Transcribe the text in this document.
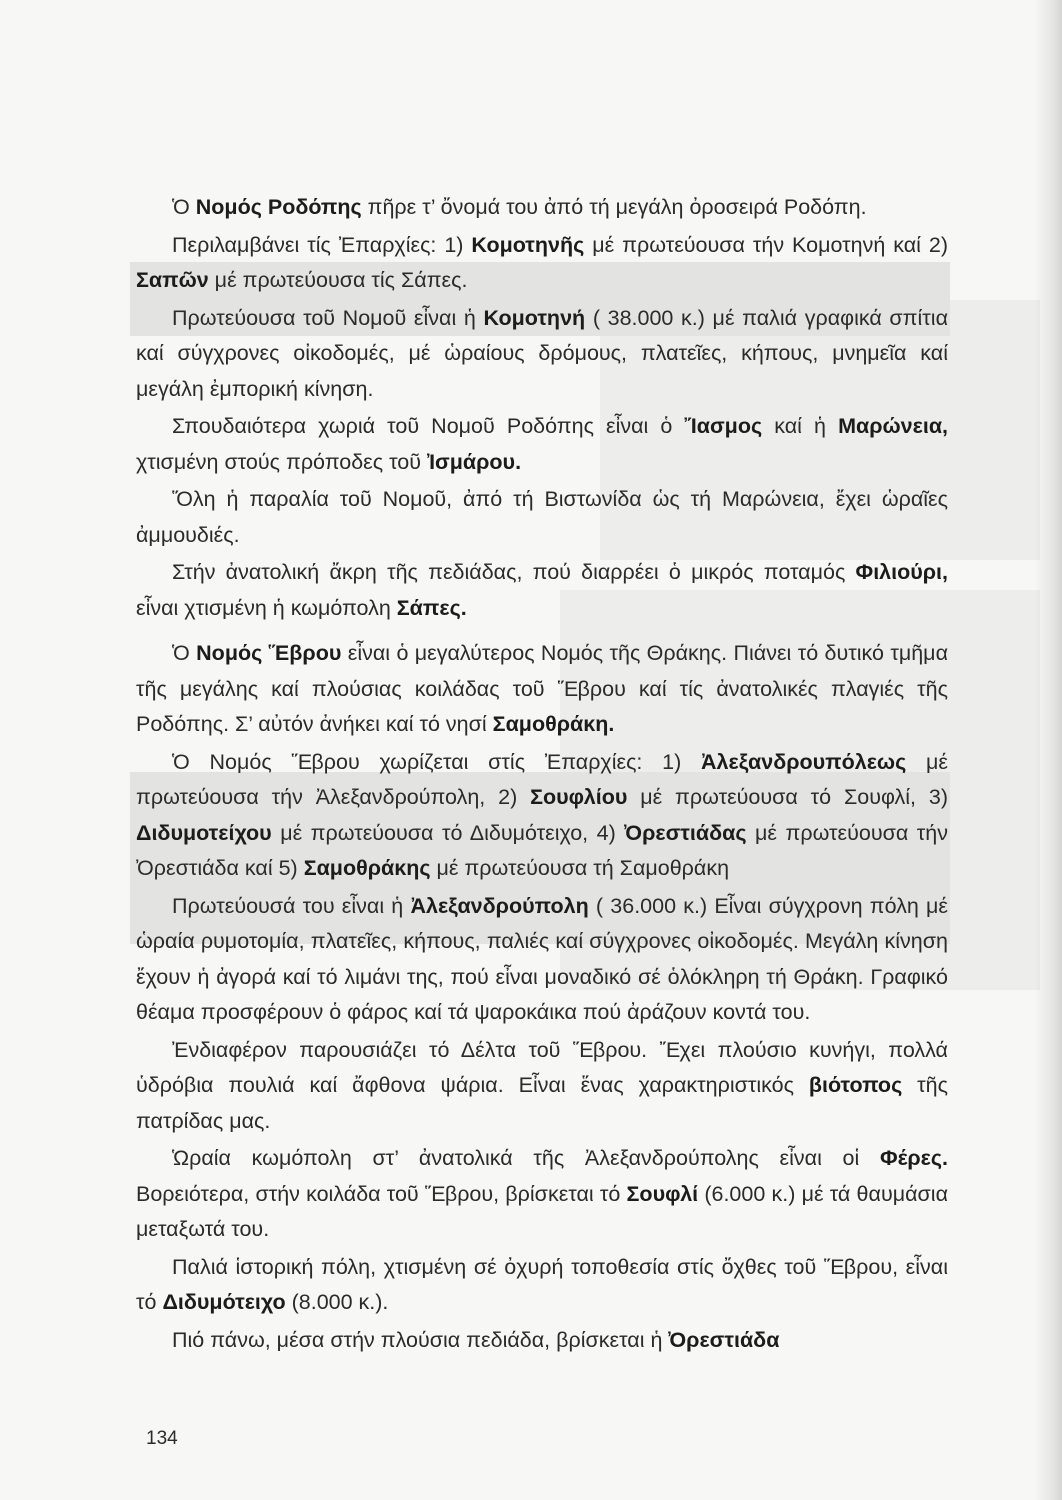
Ὁ Νομός Ροδόπης πῆρε τ’ ὄνομά του ἀπό τή μεγάλη ὀροσειρά Ροδόπη.

Περιλαμβάνει τίς Ἐπαρχίες: 1) Κομοτηνῆς μέ πρωτεύουσα τήν Κομοτηνή καί 2) Σαπῶν μέ πρωτεύουσα τίς Σάπες.

Πρωτεύουσα τοῦ Νομοῦ εἶναι ἡ Κομοτηνή ( 38.000 κ.) μέ παλιά γραφικά σπίτια καί σύγχρονες οἰκοδομές, μέ ὡραίους δρόμους, πλατεῖες, κήπους, μνημεῖα καί μεγάλη ἐμπορική κίνηση.

Σπουδαιότερα χωριά τοῦ Νομοῦ Ροδόπης εἶναι ὁ Ἴασμος καί ἡ Μαρώνεια, χτισμένη στούς πρόποδες τοῦ Ἰσμάρου.

Ὅλη ἡ παραλία τοῦ Νομοῦ, ἀπό τή Βιστωνίδα ὡς τή Μαρώνεια, ἔχει ὡραῖες ἀμμουδιές.

Στήν ἀνατολική ἄκρη τῆς πεδιάδας, πού διαρρέει ὁ μικρός ποταμός Φιλιούρι, εἶναι χτισμένη ἡ κωμόπολη Σάπες.

Ὁ Νομός Ἕβρου εἶναι ὁ μεγαλύτερος Νομός τῆς Θράκης. Πιάνει τό δυτικό τμῆμα τῆς μεγάλης καί πλούσιας κοιλάδας τοῦ Ἕβρου καί τίς ἀνατολικές πλαγιές τῆς Ροδόπης. Σ’ αὐτόν ἀνήκει καί τό νησί Σαμοθράκη.

Ὁ Νομός Ἕβρου χωρίζεται στίς Ἐπαρχίες: 1) Ἀλεξανδρουπόλεως μέ πρωτεύουσα τήν Ἀλεξανδρούπολη, 2) Σουφλίου μέ πρωτεύουσα τό Σουφλί, 3) Διδυμοτείχου μέ πρωτεύουσα τό Διδυμότειχο, 4) Ὀρεστιάδας μέ πρωτεύουσα τήν Ὀρεστιάδα καί 5) Σαμοθράκης μέ πρωτεύουσα τή Σαμοθράκη

Πρωτεύουσά του εἶναι ἡ Ἀλεξανδρούπολη ( 36.000 κ.) Εἶναι σύγχρονη πόλη μέ ὡραία ρυμοτομία, πλατεῖες, κήπους, παλιές καί σύγχρονες οἰκοδομές. Μεγάλη κίνηση ἔχουν ἡ ἀγορά καί τό λιμάνι της, πού εἶναι μοναδικό σέ ὁλόκληρη τή Θράκη. Γραφικό θέαμα προσφέρουν ὁ φάρος καί τά ψαροκάικα πού ἀράζουν κοντά του.

Ἐνδιαφέρον παρουσιάζει τό Δέλτα τοῦ Ἕβρου. Ἔχει πλούσιο κυνήγι, πολλά ὑδρόβια πουλιά καί ἄφθονα ψάρια. Εἶναι ἕνας χαρακτηριστικός βιότοπος τῆς πατρίδας μας.

Ὡραία κωμόπολη στ’ ἀνατολικά τῆς Ἀλεξανδρούπολης εἶναι οἱ Φέρες. Βορειότερα, στήν κοιλάδα τοῦ Ἕβρου, βρίσκεται τό Σουφλί (6.000 κ.) μέ τά θαυμάσια μεταξωτά του.

Παλιά ἱστορική πόλη, χτισμένη σέ ὀχυρή τοποθεσία στίς ὄχθες τοῦ Ἕβρου, εἶναι τό Διδυμότειχο (8.000 κ.).

Πιό πάνω, μέσα στήν πλούσια πεδιάδα, βρίσκεται ἡ Ὀρεστιάδα

134
